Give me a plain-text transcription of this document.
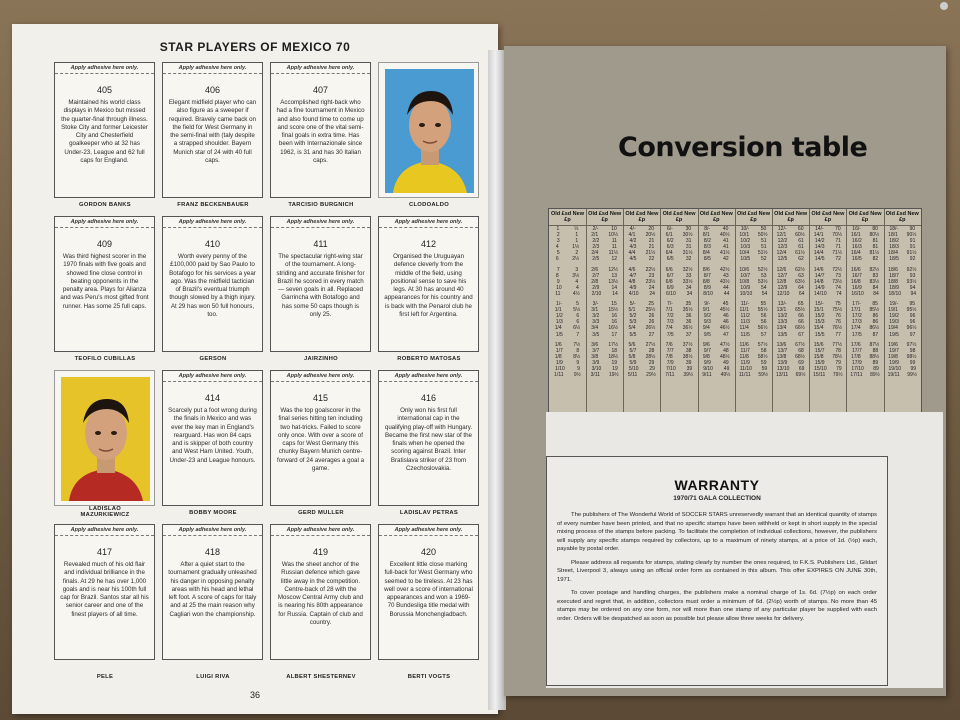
STAR PLAYERS OF MEXICO 70
Apply adhesive here only.
405
Maintained his world class displays in Mexico but missed the quarter-final through illness. Stoke City and former Leicester City and Chesterfield goalkeeper who at 32 has Under-23, League and 62 full caps for England.
GORDON BANKS
Apply adhesive here only.
406
Elegant midfield player who can also figure as a sweeper if required. Bravely came back on the field for West Germany in the semi-final with (taly despite a strapped shoulder. Bayern Munich star of 24 with 40 full caps.
FRANZ BECKENBAUER
Apply adhesive here only.
407
Accomplished right-back who had a fine tournament in Mexico and also found time to come up and score one of the vital semi-final goals in extra time. Has been with Internazionale since 1962, is 31 and has 30 Italian caps.
TARCISIO BURGNICH	CLODOALDO
Apply adhesive here only.
409
Was third highest scorer in the 1970 finals with five goals and showed fine close control in beating opponents in the penalty area. Plays for Alianza and was Peru's most gifted front runner. Has some 25 full caps.
TEOFILO CUBILLAS
Apply adhesive here only.
410
Worth every penny of the £100,000 paid by Sao Paulo to Botafogo for his services a year ago. Was the midfield tactician of Brazil's eventual triumph though slowed by a thigh injury. At 29 has won 50 full honours, too.
GERSON
Apply adhesive here only.
411
The spectacular right-wing star of the tournament. A long-striding and accurate finisher for Brazil he scored in every match — seven goals in all. Replaced Garrincha with Botafogo and has some 50 caps though is only 25.
JAIRZINHO
Apply adhesive here only.
412
Organised the Uruguayan defence cleverly from the middle of the field, using positional sense to save his legs. At 30 has around 40 appearances for his country and is back with the Penarol club he first left for Argentina.
ROBERTO MATOSAS
LADISLAO MAZURKIEWICZ
Apply adhesive here only.
414
Scarcely put a foot wrong during the finals in Mexico and was ever the key man in England's rearguard. Has won 84 caps and is skipper of both country and West Ham United. Youth, Under-23 and League honours.
BOBBY MOORE
Apply adhesive here only.
415
Was the top goalscorer in the final series hitting ten including two hat-tricks. Failed to score only once. With over a score of caps for West Germany this chunky Bayern Munich centre-forward of 24 averages a goal a game.
GERD MULLER
Apply adhesive here only.
416
Only won his first full international cap in the qualifying play-off with Hungary. Became the first new star of the finals when he opened the scoring against Brazil. Inter Bratislava striker of 23 from Czechoslovakia.
LADISLAV PETRAS
Apply adhesive here only.
417
Revealed much of his old flair and individual brilliance in the finals. At 29 he has over 1,000 goals and is near his 100th full cap for Brazil. Santos star all his senior career and one of the finest players of all time.
PELE
Apply adhesive here only.
418
After a quiet start to the tournament gradually unleashed his danger in opposing penalty areas with his head and lethal left foot. A score of caps for Italy and at 25 the main reason why Cagliari won the championship.
LUIGI RIVA
Apply adhesive here only.
419
Was the sheet anchor of the Russian defence which gave little away in the competition. Centre-back of 28 with the Moscow Central Army club and is nearing his 80th appearance for Russia. Captain of club and country.
ALBERT SHESTERNEV
Apply adhesive here only.
420
Excellent little close marking full-back for West Germany who seemed to be tireless. At 23 has well over a score of international appearances and won a 1969-70 Bundesliga title medal with Borussia Monchengladbach.
BERTI VOGTS
36
Conversion table
Old £sd New £p
1	½
2	1
3	1
4	1½
5	2
6	2½
7	3
8	3½
9	4
10	4
11 4½
1/-	5
1/1 5½
1/2	6
1/3	6
1/4 6½
1/5	7
1/6 7½
1/7	8
1/8 8½
1/9	9
1/10 9
1/11 9½
Old £sd New £p
2/-	10
2/1 10½
2/2 11
2/3 11
2/4 11½
2/5 12
2/6 12½
2/7 13
2/8 13½
2/9 14
2/10 14
3/-	15
3/1 15½
3/2 16
3/3 16
3/4 16½
3/5 17
3/6 17½
3/7 18
3/8 18½
3/9 19
3/10 19
3/11 19½
Old £sd New £p
4/-	20
4/1 20½
4/2 21
4/3 21
4/4 21½
4/5 22
4/6 22½
4/7 23
4/8 23½
4/9 24
4/10 24
5/-	25
5/1 25½
5/2 26
5/3 26
5/4 26½
5/5 27
5/6 27½
5/7 28
5/8 28½
5/9 29
5/10 29
5/11 29½
Old £sd New £p
6/-	30
6/1 30½
6/2 31
6/3 31
6/4 31½
6/5 32
6/6 32½
6/7 33
6/8 33½
6/9 34
6/10 34
7/-	35
7/1 35½
7/2 36
7/3 36
7/4 36½
7/5 37
7/6 37½
7/7 38
7/8 38½
7/9 39
7/10 39
7/11 39½
Old £sd New £p
8/-	40
8/1 40½
8/2 41
8/3 41
8/4 41½
8/5 42
8/6 42½
8/7 43
8/8 43½
8/9 44
8/10 44
9/-	45
9/1 45½
9/2 46
9/3 46
9/4 46½
9/5 47
9/6 47½
9/7 48
9/8 48½
9/9 49
9/10 49
9/11 49½
Old £sd New £p
10/- 50
10/1 50½
10/2 51
10/3 51
10/4 51½
10/5 52
10/6 52½
10/7 53
10/8 53½
10/9 54
10/10 54
11/- 55
11/1 55½
11/2 56
11/3 56
11/4 56½
11/5 57
11/6 57½
11/7 58
11/8 58½
11/9 59
11/10 59
11/11 59½
Old £sd New £p
12/- 60
12/1 60½
12/2 61
12/3 61
12/4 61½
12/5 62
12/6 62½
12/7 63
12/8 63½
12/9 64
12/10 64
13/- 65
13/1 65½
13/2 66
13/3 66
13/4 66½
13/5 67
13/6 67½
13/7 68
13/8 68½
13/9 69
13/10 69
13/11 69½
Old £sd New £p
14/- 70
14/1 70½
14/2 71
14/3 71
14/4 71½
14/5 72
14/6 72½
14/7 73
14/8 73½
14/9 74
14/10 74
15/- 75
15/1 75½
15/2 76
15/3 76
15/4 76½
15/5 77
15/6 77½
15/7 78
15/8 78½
15/9 79
15/10 79
15/11 79½
Old £sd New £p
16/- 80
16/1 80½
16/2 81
16/3 81
16/4 81½
16/5 82
16/6 82½
16/7 83
16/8 83½
16/9 84
16/10 84
17/- 85
17/1 85½
17/2 86
17/3 86
17/4 86½
17/5 87
17/6 87½
17/7 88
17/8 88½
17/9 89
17/10 89
17/11 89½
Old £sd New £p
18/- 90
18/1 90½
18/2 91
18/3 91
18/4 91½
18/5 92
18/6 92½
18/7 93
18/8 93½
18/9 94
18/10 94
19/- 95
19/1 95½
19/2 96
19/3 96
19/4 96½
19/5 97
19/6 97½
19/7 98
19/8 98½
19/9 99
19/10 99
19/11 99½
WARRANTY
1970/71 GALA COLLECTION

The publishers of The Wonderful World of SOCCER STARS unreservedly warrant that an identical quantity of stamps of every number have been printed, and that no specific stamps have been withheld or kept in short supply in the special mixing process of the stamps before packing. To facilitate the completion of individual collections, however, the publishers will supply any specific stamps required by collectors, up to a maximum of ninety stamps, at a price of 1d. (½p) each, payable by postal order.

Please address all requests for stamps, stating clearly by number the ones required, to F.K.S. Publishers Ltd., Gildart Street, Liverpool 3, always using an official order form as contained in this album. This offer EXPIRES ON JUNE 30th, 1971.

To cover postage and handling charges, the publishers make a nominal charge of 1s. 6d. (7½p) on each order executed and regret that, in addition, collectors must order a minimum of 6d. (2½p) worth of stamps. No more than 45 stamps may be ordered on any one form, nor will more than one stamp of any particular player be supplied with each order. Orders will be despatched as soon as possible but please allow three weeks for delivery.
